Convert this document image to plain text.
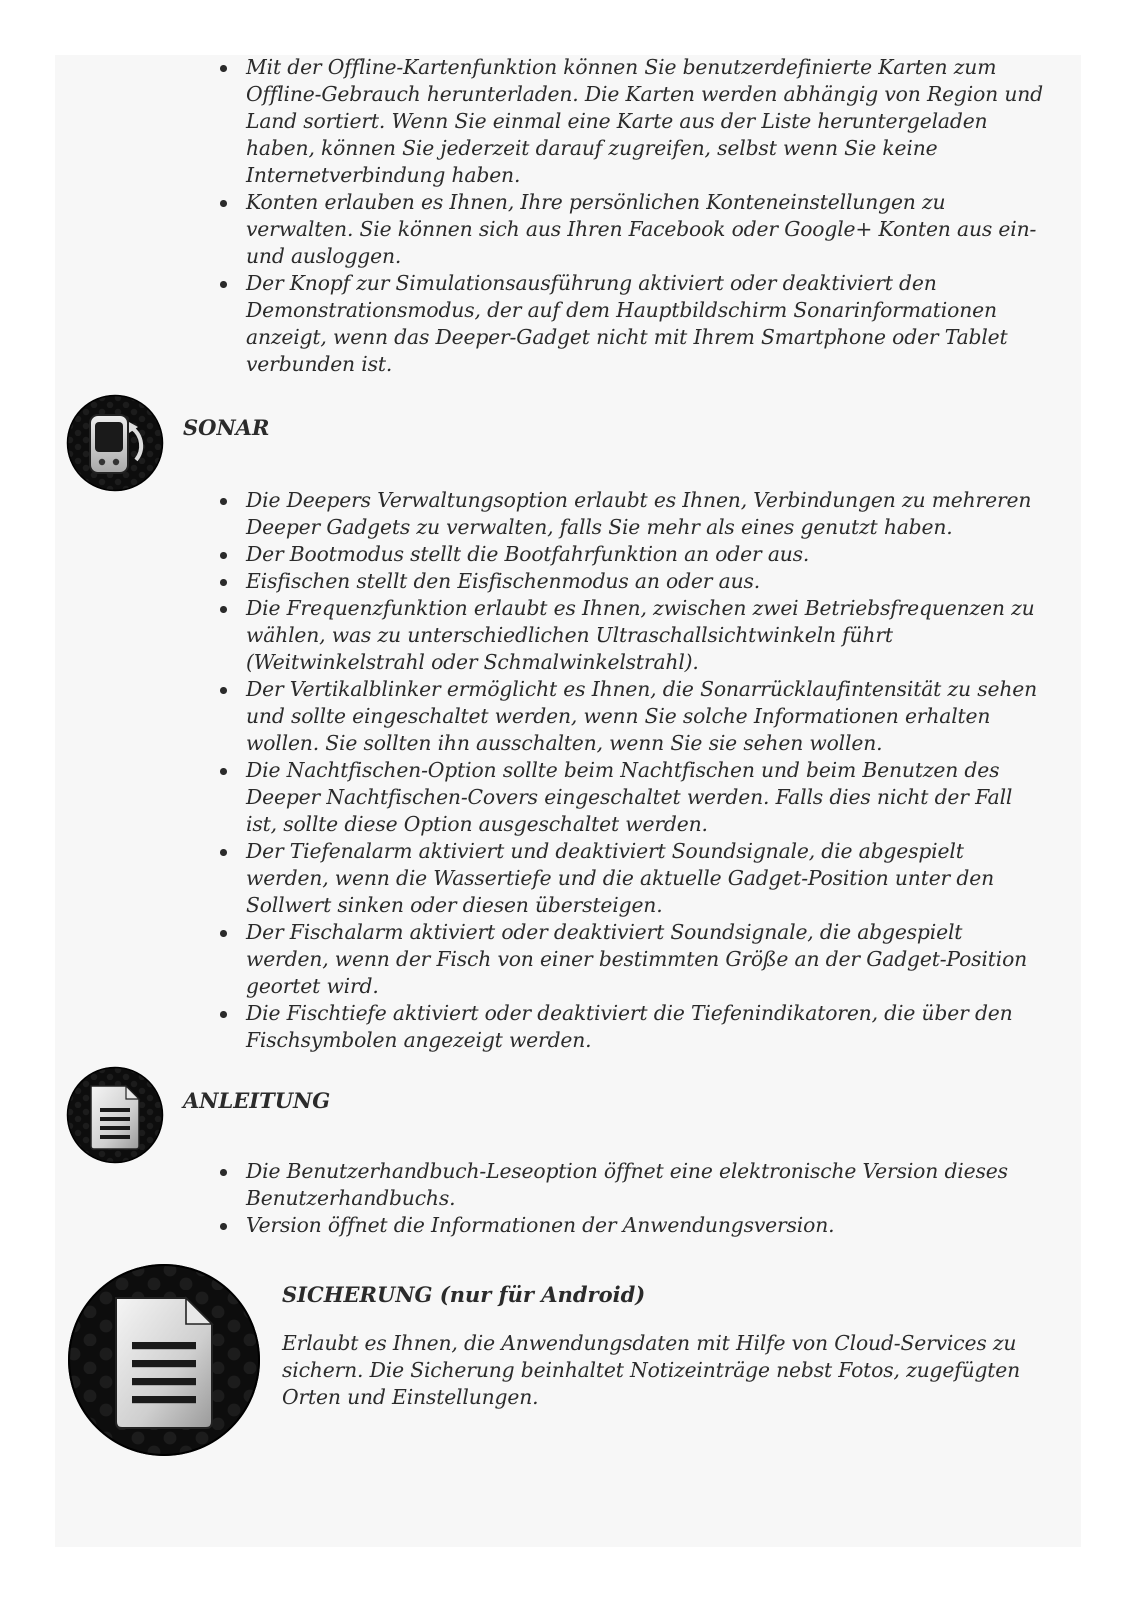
Mit der Offline-Kartenfunktion können Sie benutzerdefinierte Karten zum Offline-Gebrauch herunterladen. Die Karten werden abhängig von Region und Land sortiert. Wenn Sie einmal eine Karte aus der Liste heruntergeladen haben, können Sie jederzeit darauf zugreifen, selbst wenn Sie keine Internetverbindung haben.
Konten erlauben es Ihnen, Ihre persönlichen Konteneinstellungen zu verwalten. Sie können sich aus Ihren Facebook oder Google+ Konten aus ein- und ausloggen.
Der Knopf zur Simulationsausführung aktiviert oder deaktiviert den Demonstrationsmodus, der auf dem Hauptbildschirm Sonarinformationen anzeigt, wenn das Deeper-Gadget nicht mit Ihrem Smartphone oder Tablet verbunden ist.
SONAR
Die Deepers Verwaltungsoption erlaubt es Ihnen, Verbindungen zu mehreren Deeper Gadgets zu verwalten, falls Sie mehr als eines genutzt haben.
Der Bootmodus stellt die Bootfahrfunktion an oder aus.
Eisfischen stellt den Eisfischenmodus an oder aus.
Die Frequenzfunktion erlaubt es Ihnen, zwischen zwei Betriebsfrequenzen zu wählen, was zu unterschiedlichen Ultraschallsichtwinkeln führt (Weitwinkelstrahl oder Schmalwinkelstrahl).
Der Vertikalblinker ermöglicht es Ihnen, die Sonarrücklaufintensität zu sehen und sollte eingeschaltet werden, wenn Sie solche Informationen erhalten wollen. Sie sollten ihn ausschalten, wenn Sie sie sehen wollen.
Die Nachtfischen-Option sollte beim Nachtfischen und beim Benutzen des Deeper Nachtfischen-Covers eingeschaltet werden. Falls dies nicht der Fall ist, sollte diese Option ausgeschaltet werden.
Der Tiefenalarm aktiviert und deaktiviert Soundsignale, die abgespielt werden, wenn die Wassertiefe und die aktuelle Gadget-Position unter den Sollwert sinken oder diesen übersteigen.
Der Fischalarm aktiviert oder deaktiviert Soundsignale, die abgespielt werden, wenn der Fisch von einer bestimmten Größe an der Gadget-Position geortet wird.
Die Fischtiefe aktiviert oder deaktiviert die Tiefenindikatoren, die über den Fischsymbolen angezeigt werden.
ANLEITUNG
Die Benutzerhandbuch-Leseoption öffnet eine elektronische Version dieses Benutzerhandbuchs.
Version öffnet die Informationen der Anwendungsversion.
SICHERUNG (nur für Android)
Erlaubt es Ihnen, die Anwendungsdaten mit Hilfe von Cloud-Services zu sichern. Die Sicherung beinhaltet Notizeinträge nebst Fotos, zugefügten Orten und Einstellungen.
